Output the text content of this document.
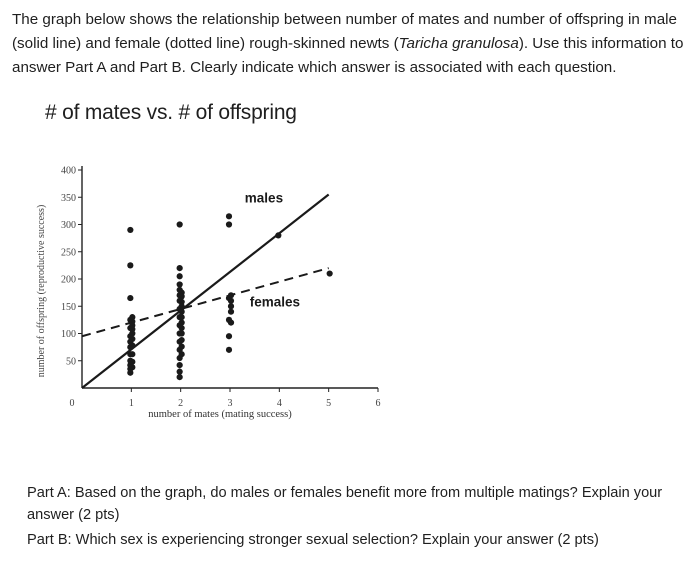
The graph below shows the relationship between number of mates and number of offspring in male
(solid line) and female (dotted line) rough-skinned newts (Taricha granulosa). Use this information to
answer Part A and Part B. Clearly indicate which answer is associated with each question.
# of mates vs. # of offspring
50
100
150
200
250
300
350
400
0	1	2	3	4	5	6
number of mates (mating success)
number of offspring (reproductive success)
males
females
Part A: Based on the graph, do males or females benefit more from multiple matings? Explain your answer (2 pts)
Part B: Which sex is experiencing stronger sexual selection? Explain your answer (2 pts)
